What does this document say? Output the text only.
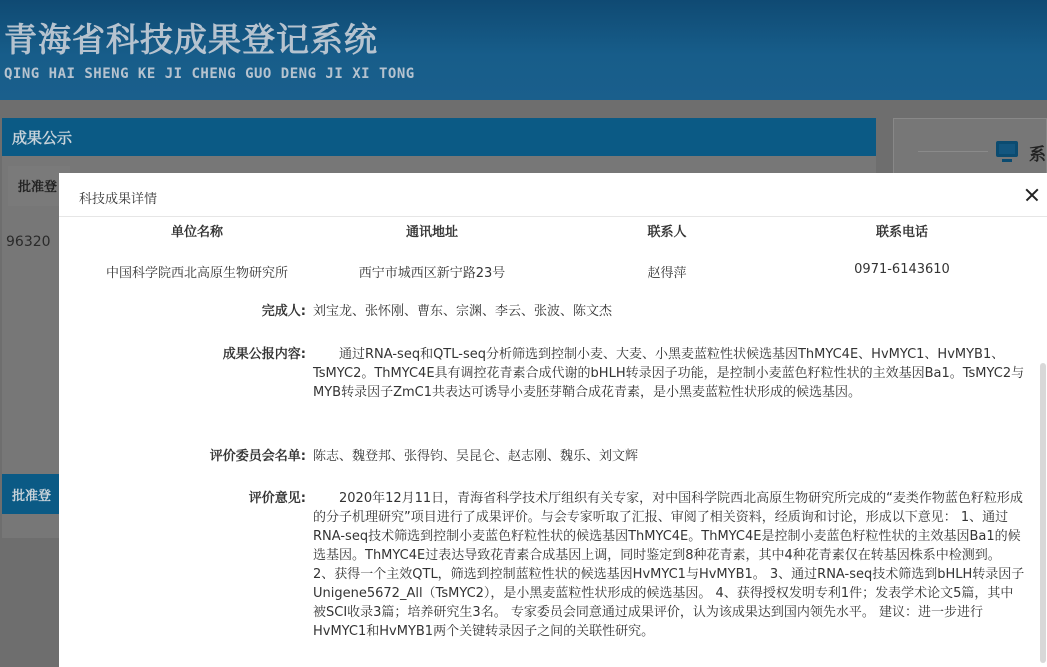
青海省科技成果登记系统
QING HAI SHENG KE JI CHENG GUO DENG JI XI TONG
成果公示
批准登
96320
批准登
系
科技成果详情
单位名称	通讯地址	联系人	联系电话
中国科学院西北高原生物研究所	西宁市城西区新宁路23号	赵得萍	0971-6143610
完成人: 刘宝龙、张怀刚、曹东、宗渊、李云、张波、陈文杰
成果公报内容:	通过RNA-seq和QTL-seq分析筛选到控制小麦、大麦、小黑麦蓝粒性状候选基因ThMYC4E、HvMYC1、HvMYB1、TsMYC2。ThMYC4E具有调控花青素合成代谢的bHLH转录因子功能，是控制小麦蓝色籽粒性状的主效基因Ba1。TsMYC2与MYB转录因子ZmC1共表达可诱导小麦胚芽鞘合成花青素，是小黑麦蓝粒性状形成的候选基因。
评价委员会名单: 陈志、魏登邦、张得钧、吴昆仑、赵志刚、魏乐、刘文辉
评价意见:	2020年12月11日，青海省科学技术厅组织有关专家，对中国科学院西北高原生物研究所完成的“麦类作物蓝色籽粒形成的分子机理研究”项目进行了成果评价。与会专家听取了汇报、审阅了相关资料，经质询和讨论，形成以下意见： 1、通过RNA-seq技术筛选到控制小麦蓝色籽粒性状的候选基因ThMYC4E。ThMYC4E是控制小麦蓝色籽粒性状的主效基因Ba1的候选基因。ThMYC4E过表达导致花青素合成基因上调，同时鉴定到8种花青素，其中4种花青素仅在转基因株系中检测到。 2、获得一个主效QTL，筛选到控制蓝粒性状的候选基因HvMYC1与HvMYB1。 3、通过RNA-seq技术筛选到bHLH转录因子Unigene5672_All（TsMYC2），是小黑麦蓝粒性状形成的候选基因。 4、获得授权发明专利1件；发表学术论文5篇，其中被SCI收录3篇；培养研究生3名。 专家委员会同意通过成果评价，认为该成果达到国内领先水平。 建议：进一步进行HvMYC1和HvMYB1两个关键转录因子之间的关联性研究。
